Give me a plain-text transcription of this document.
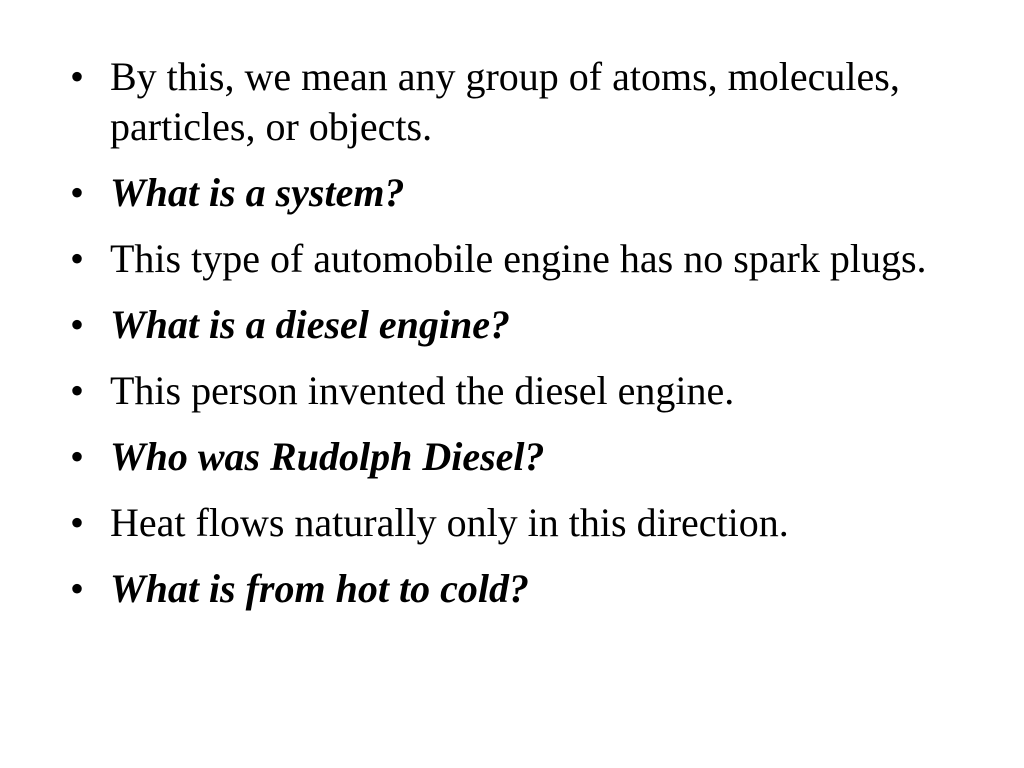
• By this, we mean any group of atoms, molecules, particles, or objects.
• What is a system?
• This type of automobile engine has no spark plugs.
• What is a diesel engine?
• This person invented the diesel engine.
• Who was Rudolph Diesel?
• Heat flows naturally only in this direction.
• What is from hot to cold?
